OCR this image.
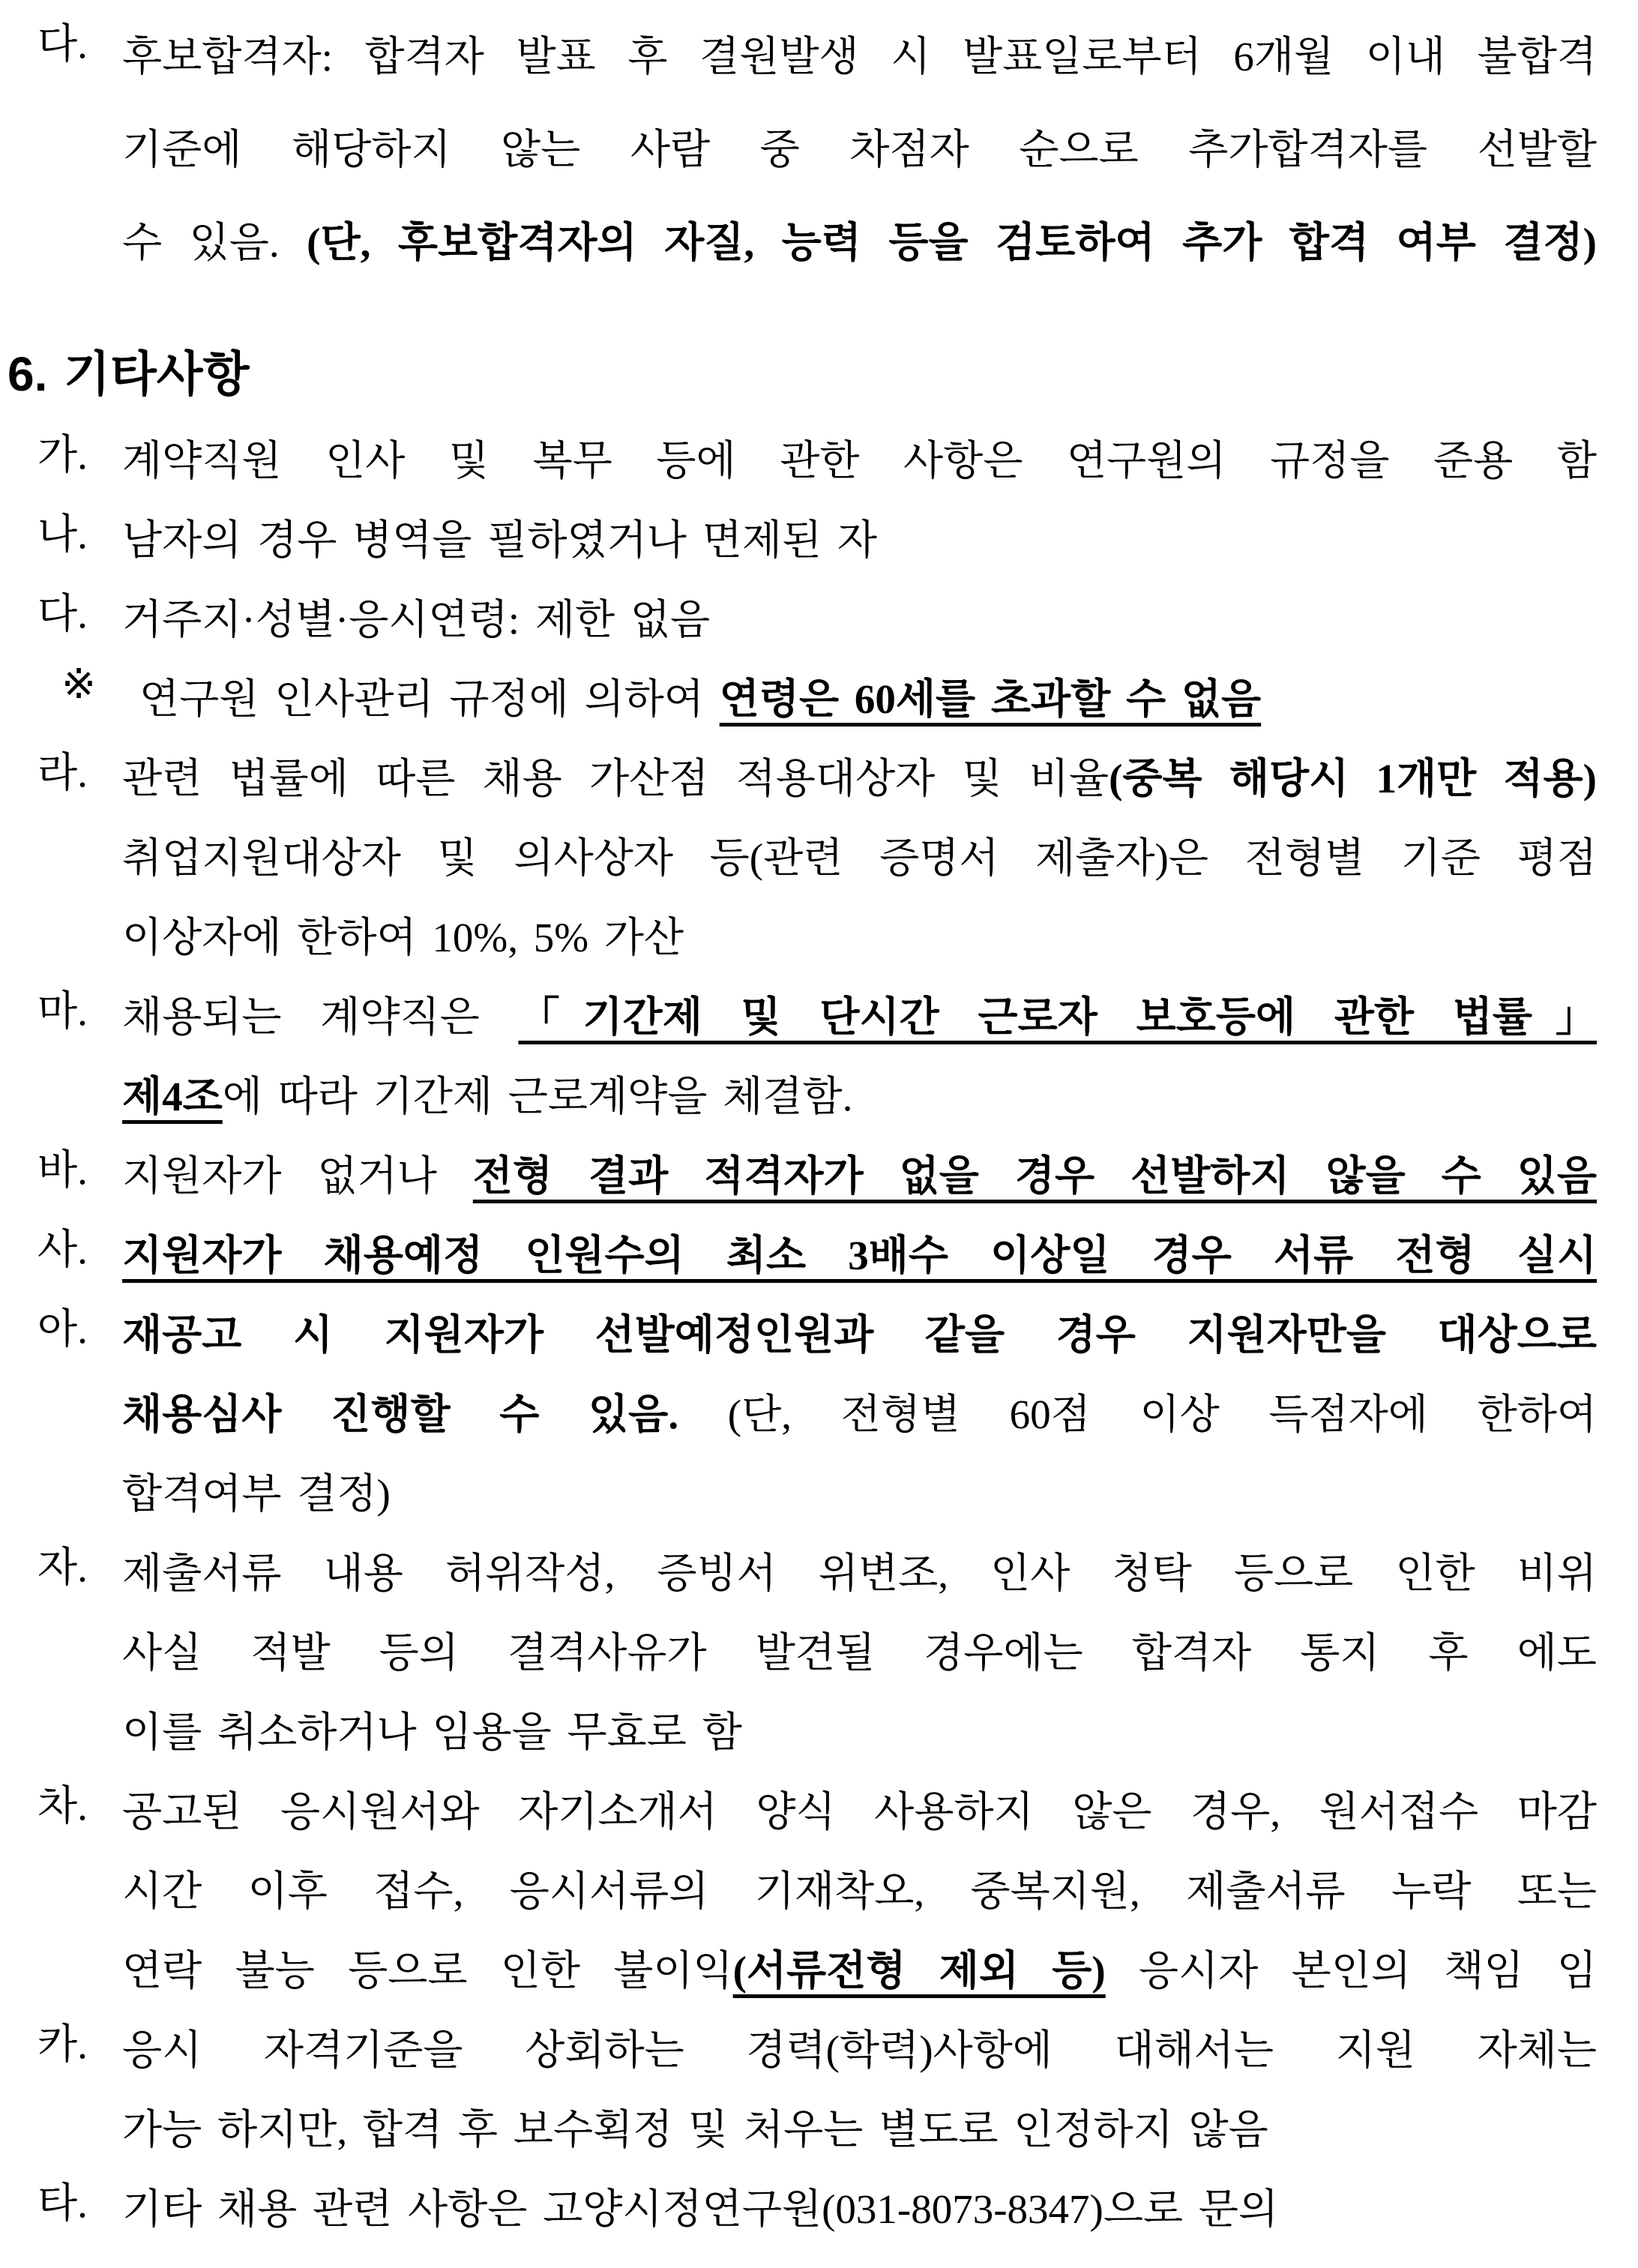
다. 후보합격자: 합격자 발표 후 결원발생 시 발표일로부터 6개월 이내 불합격
기준에 해당하지 않는 사람 중 차점자 순으로 추가합격자를 선발할
수 있음. (단, 후보합격자의 자질, 능력 등을 검토하여 추가 합격 여부 결정)
6. 기타사항
가. 계약직원 인사 및 복무 등에 관한 사항은 연구원의 규정을 준용 함
나. 남자의 경우 병역을 필하였거나 면제된 자
다. 거주지·성별·응시연령: 제한 없음
※ 연구원 인사관리 규정에 의하여 연령은 60세를 초과할 수 없음
라. 관련 법률에 따른 채용 가산점 적용대상자 및 비율(중복 해당시 1개만 적용)
취업지원대상자 및 의사상자 등(관련 증명서 제출자)은 전형별 기준 평점
이상자에 한하여 10%, 5% 가산
마. 채용되는 계약직은 「기간제 및 단시간 근로자 보호등에 관한 법률」
제4조에 따라 기간제 근로계약을 체결함.
바. 지원자가 없거나 전형 결과 적격자가 없을 경우 선발하지 않을 수 있음
사. 지원자가 채용예정 인원수의 최소 3배수 이상일 경우 서류 전형 실시
아. 재공고 시 지원자가 선발예정인원과 같을 경우 지원자만을 대상으로
채용심사 진행할 수 있음. (단, 전형별 60점 이상 득점자에 한하여
합격여부 결정)
자. 제출서류 내용 허위작성, 증빙서 위변조, 인사 청탁 등으로 인한 비위
사실 적발 등의 결격사유가 발견될 경우에는 합격자 통지 후 에도
이를 취소하거나 임용을 무효로 함
차. 공고된 응시원서와 자기소개서 양식 사용하지 않은 경우, 원서접수 마감
시간 이후 접수, 응시서류의 기재착오, 중복지원, 제출서류 누락 또는
연락 불능 등으로 인한 불이익(서류전형 제외 등) 응시자 본인의 책임 임
카. 응시 자격기준을 상회하는 경력(학력)사항에 대해서는 지원 자체는
가능 하지만, 합격 후 보수획정 및 처우는 별도로 인정하지 않음
타. 기타 채용 관련 사항은 고양시정연구원(031-8073-8347)으로 문의
